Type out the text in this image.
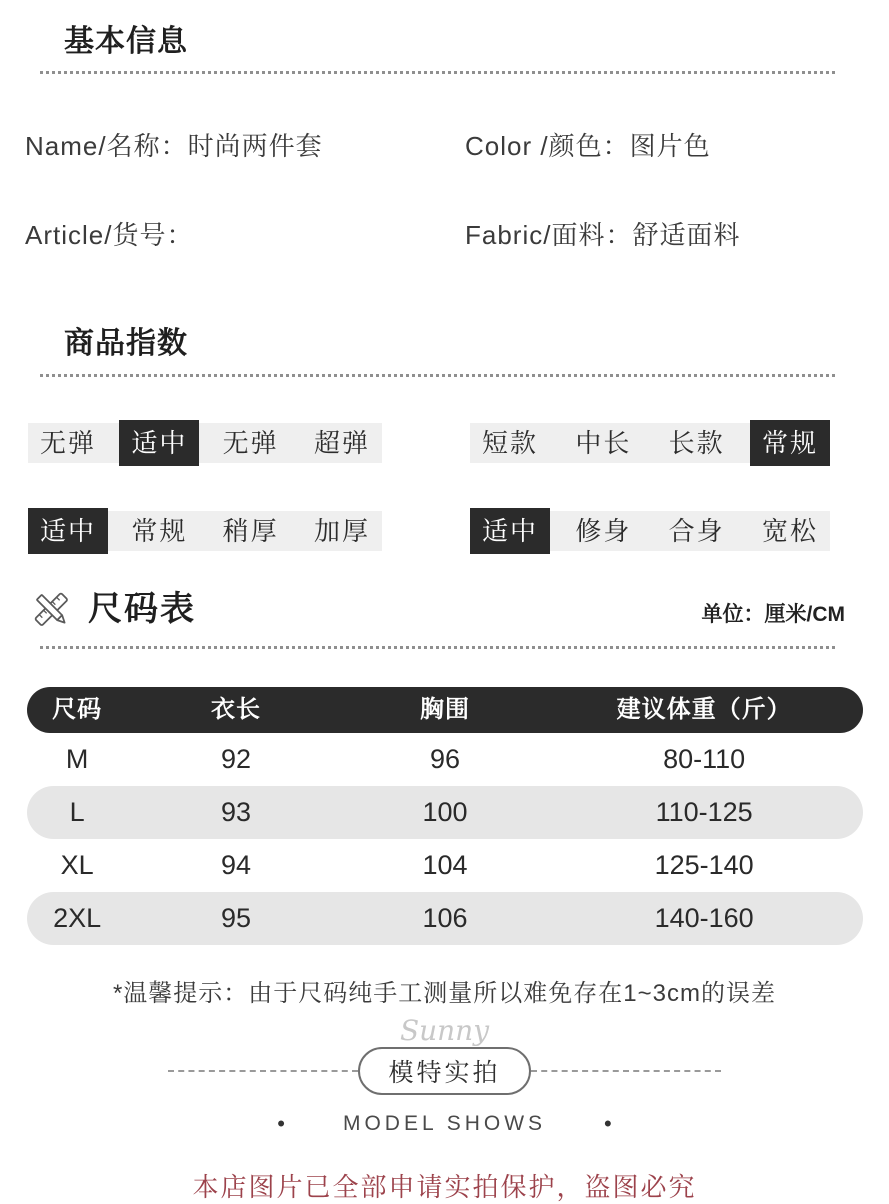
基本信息
Name/名称：时尚两件套	Color /颜色：图片色
Article/货号：	Fabric/面料：舒适面料
商品指数
无弹	适中	无弹	超弹	短款	中长	长款	常规
适中	常规	稍厚	加厚	适中	修身	合身	宽松
尺码表	单位：厘米/CM
尺码	衣长	胸围	建议体重（斤）
M	92	96	80-110
L	93	100	110-125
XL	94	104	125-140
2XL	95	106	140-160
*温馨提示：由于尺码纯手工测量所以难免存在1~3cm的误差
Sunny
模特实拍
•	MODEL SHOWS	•
本店图片已全部申请实拍保护，盗图必究
